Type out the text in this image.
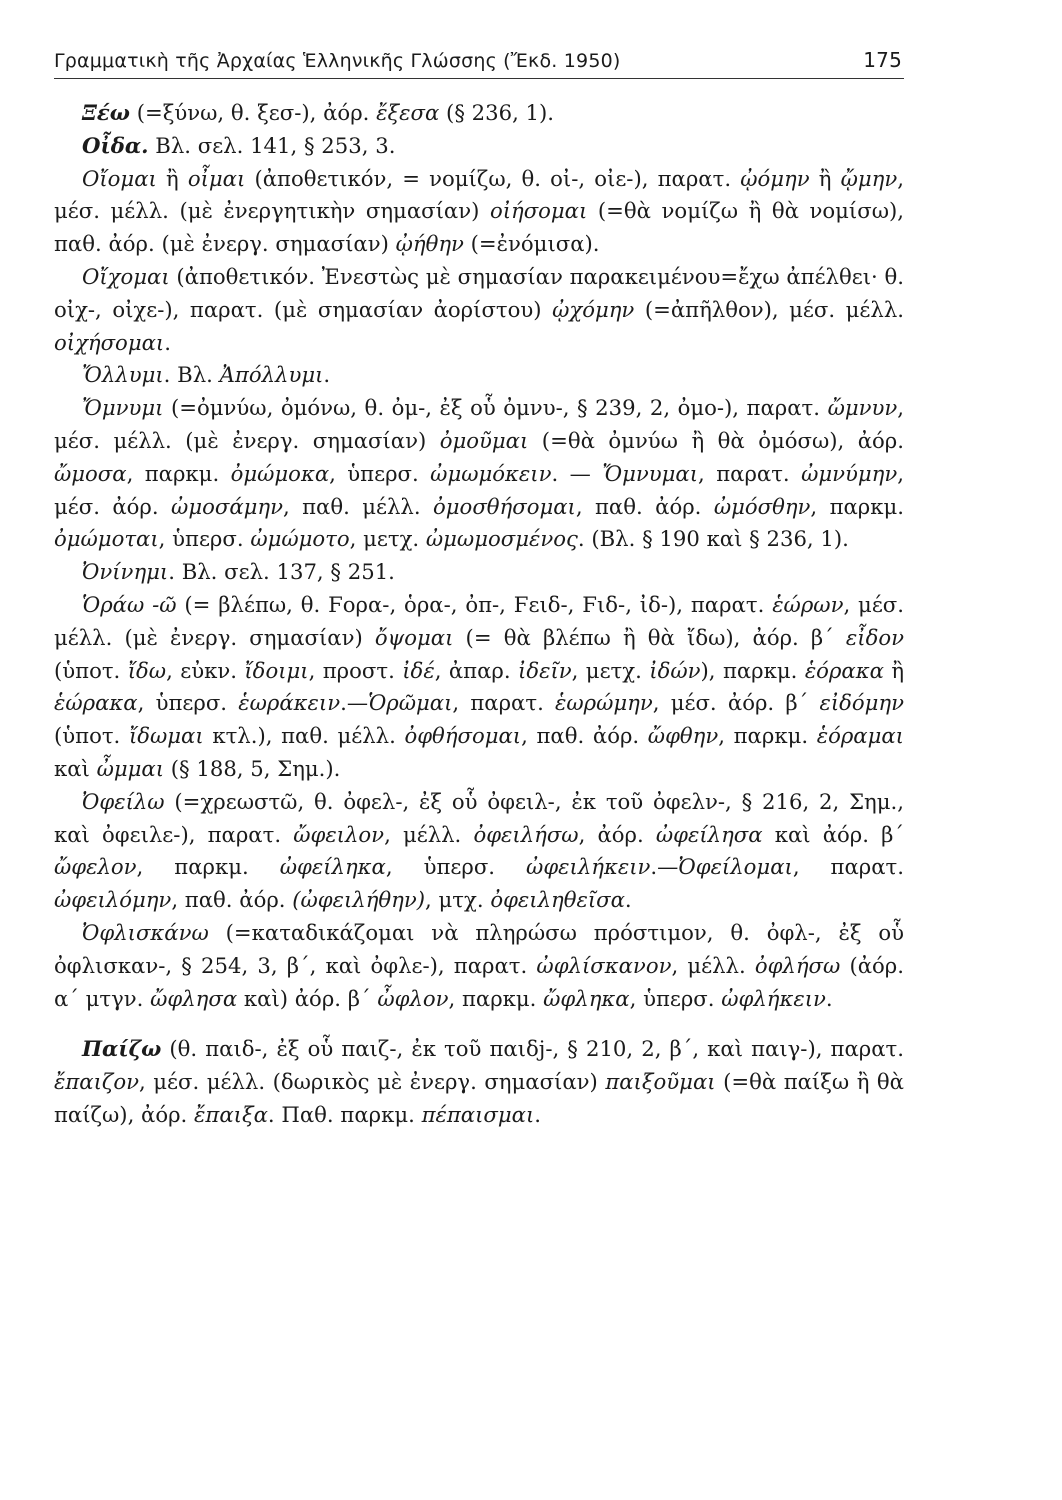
Γραμματικὴ τῆς Ἀρχαίας Ἑλληνικῆς Γλώσσης (Ἔκδ. 1950)	175

Ξέω (=ξύνω, θ. ξεσ-), ἀόρ. ἔξεσα (§ 236, 1).

Οἶδα. Βλ. σελ. 141, § 253, 3.

Οἴομαι ἢ οἶμαι (ἀποθετικόν, = νομίζω, θ. οἰ-, οἰε-), παρατ. ᾠόμην ἢ ᾤμην, μέσ. μέλλ. (μὲ ἐνεργητικὴν σημασίαν) οἰήσομαι (=θὰ νομίζω ἢ θὰ νομίσω), παθ. ἀόρ. (μὲ ἐνεργ. σημασίαν) ᾠήθην (=ἐνόμισα).

Οἴχομαι (ἀποθετικόν. Ἐνεστὼς μὲ σημασίαν παρακειμένου=ἔχω ἀπέλθει· θ. οἰχ-, οἰχε-), παρατ. (μὲ σημασίαν ἀορίστου) ᾠχόμην (=ἀπῆλθον), μέσ. μέλλ. οἰχήσομαι.

Ὄλλυμι. Βλ. Ἀπόλλυμι.

Ὄμνυμι (=ὀμνύω, ὀμόνω, θ. ὀμ-, ἐξ οὗ ὀμνυ-, § 239, 2, ὀμο-), παρατ. ὤμνυν, μέσ. μέλλ. (μὲ ἐνεργ. σημασίαν) ὀμοῦμαι (=θὰ ὀμνύω ἢ θὰ ὀμόσω), ἀόρ. ὤμοσα, παρκμ. ὀμώμοκα, ὑπερσ. ὠμωμόκειν. — Ὄμνυμαι, παρατ. ὠμνύμην, μέσ. ἀόρ. ὠμοσάμην, παθ. μέλλ. ὀμοσθήσομαι, παθ. ἀόρ. ὠμόσθην, παρκμ. ὀμώμοται, ὑπερσ. ὠμώμοτο, μετχ. ὠμωμοσμένος. (Βλ. § 190 καὶ § 236, 1).

Ὀνίνημι. Βλ. σελ. 137, § 251.

Ὁράω -ῶ (= βλέπω, θ. Ϝορα-, ὁρα-, ὀπ-, Ϝειδ-, Ϝιδ-, ἰδ-), παρατ. ἑώρων, μέσ. μέλλ. (μὲ ἐνεργ. σημασίαν) ὄψομαι (= θὰ βλέπω ἢ θὰ ἴδω), ἀόρ. β΄ εἶδον (ὑποτ. ἴδω, εὐκν. ἴδοιμι, προστ. ἰδέ, ἀπαρ. ἰδεῖν, μετχ. ἰδών), παρκμ. ἑόρακα ἢ ἑώρακα, ὑπερσ. ἑωράκειν.—Ὁρῶμαι, παρατ. ἑωρώμην, μέσ. ἀόρ. β΄ εἰδόμην (ὑποτ. ἴδωμαι κτλ.), παθ. μέλλ. ὀφθήσομαι, παθ. ἀόρ. ὤφθην, παρκμ. ἑόραμαι καὶ ὦμμαι (§ 188, 5, Σημ.).

Ὀφείλω (=χρεωστῶ, θ. ὀφελ-, ἐξ οὗ ὀφειλ-, ἐκ τοῦ ὀφελν-, § 216, 2, Σημ., καὶ ὀφειλε-), παρατ. ὤφειλον, μέλλ. ὀφειλήσω, ἀόρ. ὠφείλησα καὶ ἀόρ. β΄ ὤφελον, παρκμ. ὠφείληκα, ὑπερσ. ὠφειλήκειν.—Ὀφείλομαι, παρατ. ὠφειλόμην, παθ. ἀόρ. (ὠφειλήθην), μτχ. ὀφειληθεῖσα.

Ὀφλισκάνω (=καταδικάζομαι νὰ πληρώσω πρόστιμον, θ. ὀφλ-, ἐξ οὗ ὀφλισκαν-, § 254, 3, β΄, καὶ ὀφλε-), παρατ. ὠφλίσκανον, μέλλ. ὀφλήσω (ἀόρ. α΄ μτγν. ὤφλησα καὶ) ἀόρ. β΄ ὦφλον, παρκμ. ὤφληκα, ὑπερσ. ὠφλήκειν.

Παίζω (θ. παιδ-, ἐξ οὗ παιζ-, ἐκ τοῦ παιδj-, § 210, 2, β΄, καὶ παιγ-), παρατ. ἔπαιζον, μέσ. μέλλ. (δωρικὸς μὲ ἐνεργ. σημασίαν) παιξοῦμαι (=θὰ παίξω ἢ θὰ παίζω), ἀόρ. ἔπαιξα. Παθ. παρκμ. πέπαισμαι.
